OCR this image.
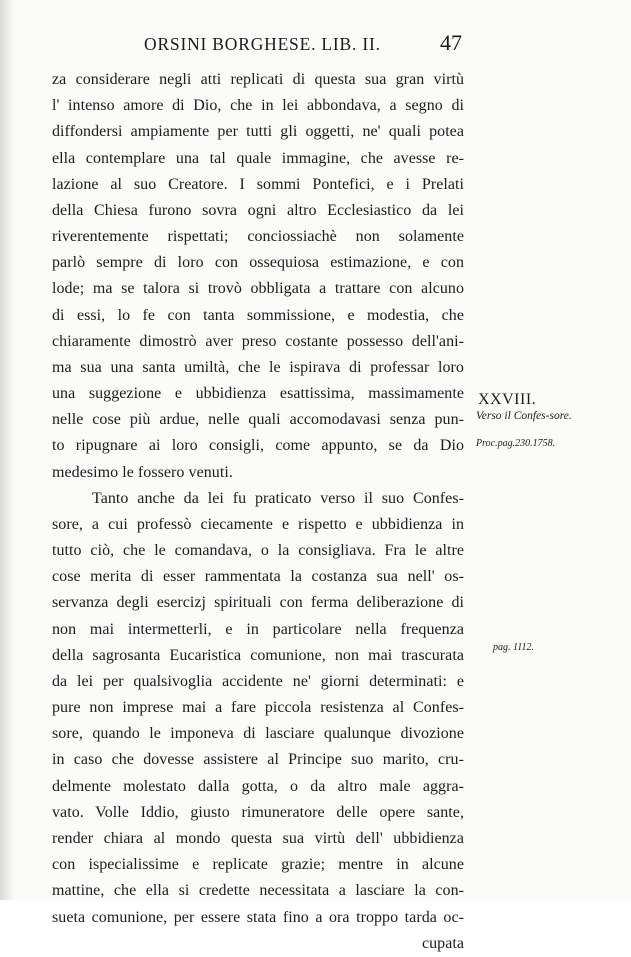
ORSINI BORGHESE. LIB. II.	47
za considerare negli atti replicati di questa sua gran virtù
l' intenso amore di Dio, che in lei abbondava, a segno di
diffondersi ampiamente per tutti gli oggetti, ne' quali potea
ella contemplare una tal quale immagine, che avesse re-
lazione al suo Creatore. I sommi Pontefici, e i Prelati
della Chiesa furono sovra ogni altro Ecclesiastico da lei
riverentemente rispettati; conciossiachè non solamente
parlò sempre di loro con ossequiosa estimazione, e con
lode; ma se talora si trovò obbligata a trattare con alcuno
di essi, lo fe con tanta sommissione, e modestia, che
chiaramente dimostrò aver preso costante possesso dell'ani-
ma sua una santa umiltà, che le ispirava di professar loro
una suggezione e ubbidienza esattissima, massimamente
nelle cose più ardue, nelle quali accomodavasi senza pun-
to ripugnare ai loro consigli, come appunto, se da Dio
medesimo le fossero venuti.
Tanto anche da lei fu praticato verso il suo Confes-
sore, a cui professò ciecamente e rispetto e ubbidienza in
tutto ciò, che le comandava, o la consigliava. Fra le altre
cose merita di esser rammentata la costanza sua nell' os-
servanza degli esercizj spirituali con ferma deliberazione di
non mai intermetterli, e in particolare nella frequenza
della sagrosanta Eucaristica comunione, non mai trascurata
da lei per qualsivoglia accidente ne' giorni determinati: e
pure non imprese mai a fare piccola resistenza al Confes-
sore, quando le imponeva di lasciare qualunque divozione
in caso che dovesse assistere al Principe suo marito, cru-
delmente molestato dalla gotta, o da altro male aggra-
vato. Volle Iddio, giusto rimuneratore delle opere sante,
render chiara al mondo questa sua virtù dell' ubbidienza
con ispecialissime e replicate grazie; mentre in alcune
mattine, che ella si credette necessitata a lasciare la con-
sueta comunione, per essere stata fino a ora troppo tarda oc-
cupata
XXVIII.
Verso il Confes-sore.
Proc.pag.230.1758.
pag. 1112.
